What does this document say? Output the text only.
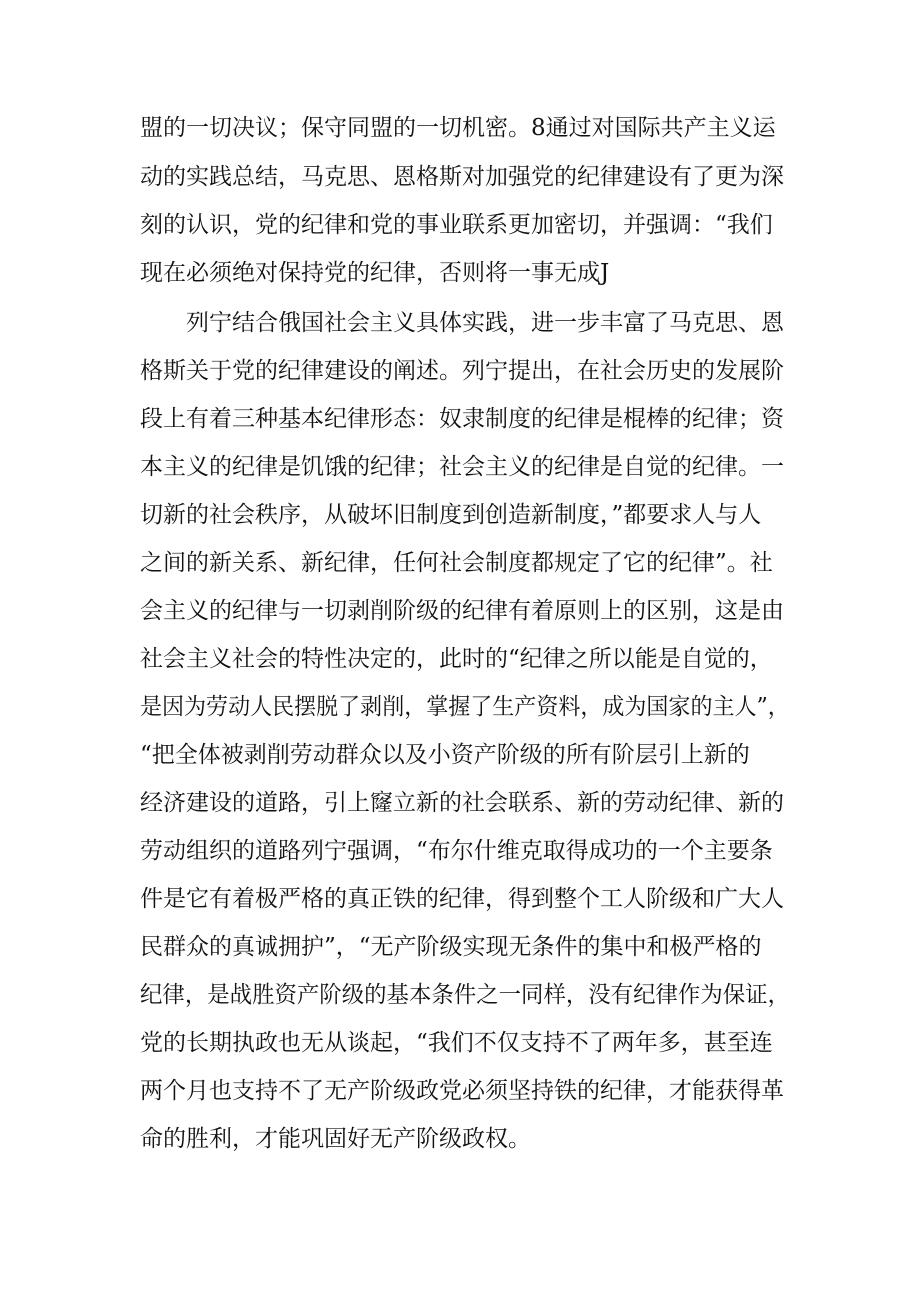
盟的一切决议；保守同盟的一切机密。8通过对国际共产主义运
动的实践总结，马克思、恩格斯对加强党的纪律建设有了更为深
刻的认识，党的纪律和党的事业联系更加密切，并强调：“我们
现在必须绝对保持党的纪律，否则将一事无成J
列宁结合俄国社会主义具体实践，进一步丰富了马克思、恩
格斯关于党的纪律建设的阐述。列宁提出，在社会历史的发展阶
段上有着三种基本纪律形态：奴隶制度的纪律是棍棒的纪律；资
本主义的纪律是饥饿的纪律；社会主义的纪律是自觉的纪律。一
切新的社会秩序，从破坏旧制度到创造新制度，”都要求人与人
之间的新关系、新纪律，任何社会制度都规定了它的纪律”。社
会主义的纪律与一切剥削阶级的纪律有着原则上的区别，这是由
社会主义社会的特性决定的，此时的“纪律之所以能是自觉的，
是因为劳动人民摆脱了剥削，掌握了生产资料，成为国家的主人”，
“把全体被剥削劳动群众以及小资产阶级的所有阶层引上新的
经济建设的道路，引上窿立新的社会联系、新的劳动纪律、新的
劳动组织的道路列宁强调，“布尔什维克取得成功的一个主要条
件是它有着极严格的真正铁的纪律，得到整个工人阶级和广大人
民群众的真诚拥护”，“无产阶级实现无条件的集中和极严格的
纪律，是战胜资产阶级的基本条件之一同样，没有纪律作为保证，
党的长期执政也无从谈起，“我们不仅支持不了两年多，甚至连
两个月也支持不了无产阶级政党必须坚持铁的纪律，才能获得革
命的胜利，才能巩固好无产阶级政权。
